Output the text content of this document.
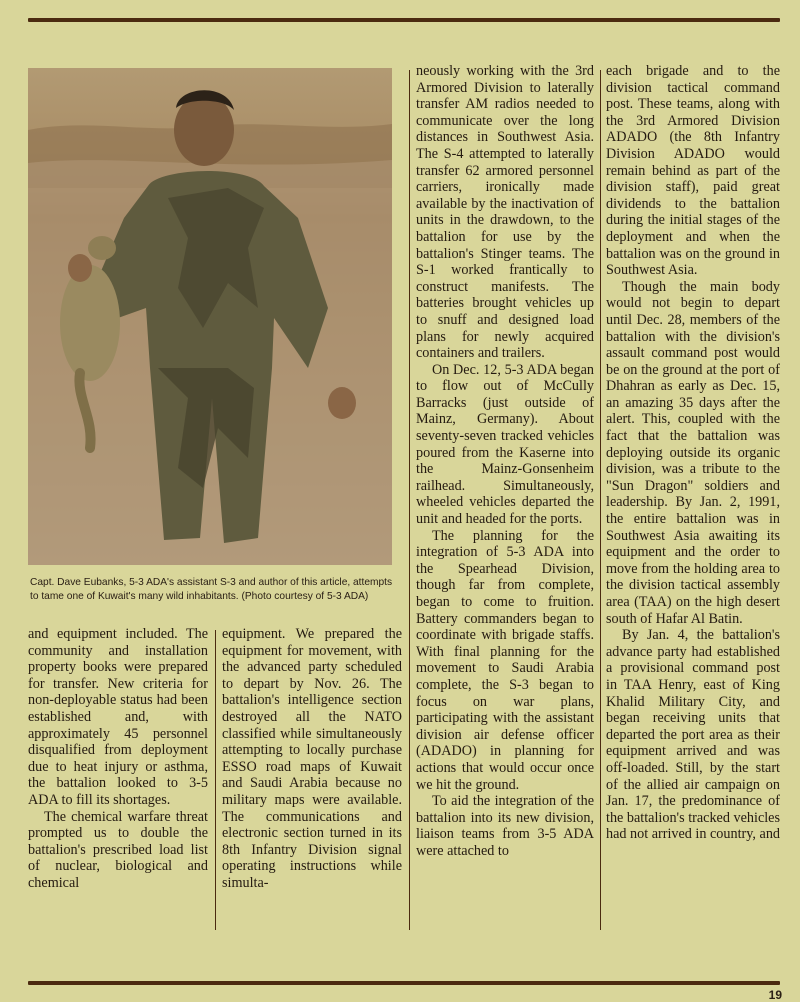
Capt. Dave Eubanks, 5-3 ADA's assistant S-3 and author of this article, attempts to tame one of Kuwait's many wild inhabitants. (Photo courtesy of 5-3 ADA)

and equipment included. The community and installation property books were prepared for transfer. New criteria for non-deployable status had been established and, with approximately 45 personnel disqualified from deployment due to heat injury or asthma, the battalion looked to 3-5 ADA to fill its shortages.

The chemical warfare threat prompted us to double the battalion's prescribed load list of nuclear, biological and chemical

equipment. We prepared the equipment for movement, with the advanced party scheduled to depart by Nov. 26. The battalion's intelligence section destroyed all the NATO classified while simultaneously attempting to locally purchase ESSO road maps of Kuwait and Saudi Arabia because no military maps were available. The communications and electronic section turned in its 8th Infantry Division signal operating instructions while simulta-

neously working with the 3rd Armored Division to laterally transfer AM radios needed to communicate over the long distances in Southwest Asia. The S-4 attempted to laterally transfer 62 armored personnel carriers, ironically made available by the inactivation of units in the drawdown, to the battalion for use by the battalion's Stinger teams. The S-1 worked frantically to construct manifests. The batteries brought vehicles up to snuff and designed load plans for newly acquired containers and trailers.

On Dec. 12, 5-3 ADA began to flow out of McCully Barracks (just outside of Mainz, Germany). About seventy-seven tracked vehicles poured from the Kaserne into the Mainz-Gonsenheim railhead. Simultaneously, wheeled vehicles departed the unit and headed for the ports.

The planning for the integration of 5-3 ADA into the Spearhead Division, though far from complete, began to come to fruition. Battery commanders began to coordinate with brigade staffs. With final planning for the movement to Saudi Arabia complete, the S-3 began to focus on war plans, participating with the assistant division air defense officer (ADADO) in planning for actions that would occur once we hit the ground.

To aid the integration of the battalion into its new division, liaison teams from 3-5 ADA were attached to

each brigade and to the division tactical command post. These teams, along with the 3rd Armored Division ADADO (the 8th Infantry Division ADADO would remain behind as part of the division staff), paid great dividends to the battalion during the initial stages of the deployment and when the battalion was on the ground in Southwest Asia.

Though the main body would not begin to depart until Dec. 28, members of the battalion with the division's assault command post would be on the ground at the port of Dhahran as early as Dec. 15, an amazing 35 days after the alert. This, coupled with the fact that the battalion was deploying outside its organic division, was a tribute to the "Sun Dragon" soldiers and leadership. By Jan. 2, 1991, the entire battalion was in Southwest Asia awaiting its equipment and the order to move from the holding area to the division tactical assembly area (TAA) on the high desert south of Hafar Al Batin.

By Jan. 4, the battalion's advance party had established a provisional command post in TAA Henry, east of King Khalid Military City, and began receiving units that departed the port area as their equipment arrived and was off-loaded. Still, by the start of the allied air campaign on Jan. 17, the predominance of the battalion's tracked vehicles had not arrived in country, and

19
